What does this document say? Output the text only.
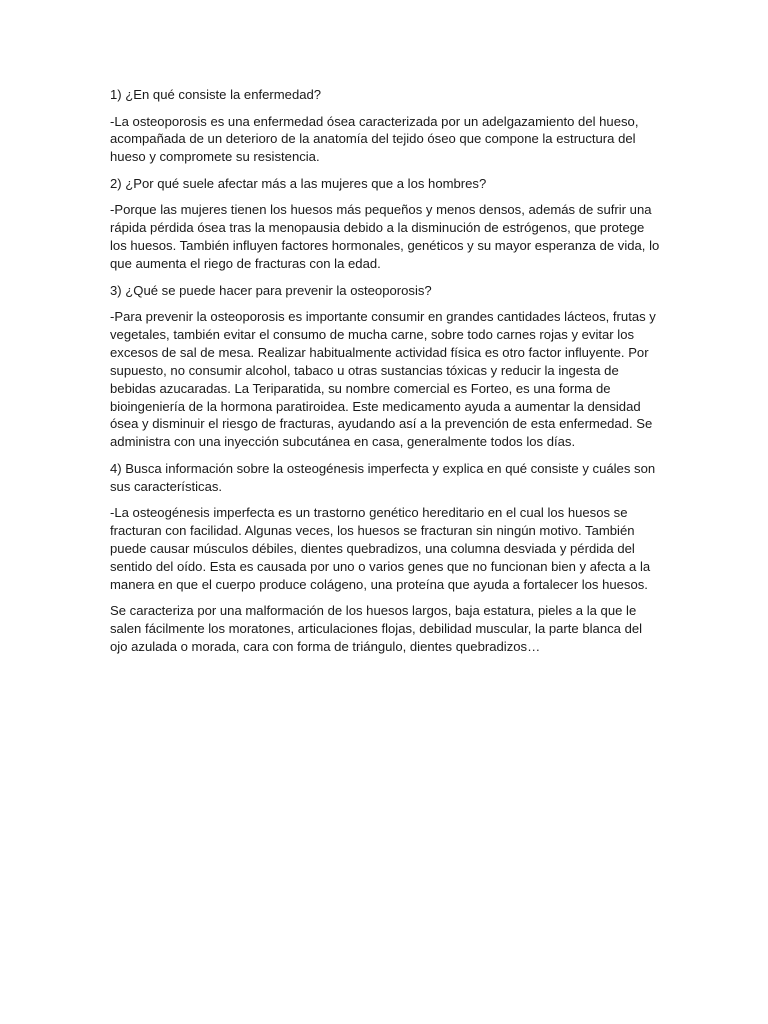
1) ¿En qué consiste la enfermedad?

-La osteoporosis es una enfermedad ósea caracterizada por un adelgazamiento del hueso, acompañada de un deterioro de la anatomía del tejido óseo que compone la estructura del hueso y compromete su resistencia.

2) ¿Por qué suele afectar más a las mujeres que a los hombres?

-Porque las mujeres tienen los huesos más pequeños y menos densos, además de sufrir una rápida pérdida ósea tras la menopausia debido a la disminución de estrógenos, que protege los huesos. También influyen factores hormonales, genéticos y su mayor esperanza de vida, lo que aumenta el riego de fracturas con la edad.

3) ¿Qué se puede hacer para prevenir la osteoporosis?

-Para prevenir la osteoporosis es importante consumir en grandes cantidades lácteos, frutas y vegetales, también evitar el consumo de mucha carne, sobre todo carnes rojas y evitar los excesos de sal de mesa. Realizar habitualmente actividad física es otro factor influyente. Por supuesto, no consumir alcohol, tabaco u otras sustancias tóxicas y reducir la ingesta de bebidas azucaradas. La Teriparatida, su nombre comercial es Forteo, es una forma de bioingeniería de la hormona paratiroidea. Este medicamento ayuda a aumentar la densidad ósea y disminuir el riesgo de fracturas, ayudando así a la prevención de esta enfermedad. Se administra con una inyección subcutánea en casa, generalmente todos los días.

4) Busca información sobre la osteogénesis imperfecta y explica en qué consiste y cuáles son sus características.

-La osteogénesis imperfecta es un trastorno genético hereditario en el cual los huesos se fracturan con facilidad. Algunas veces, los huesos se fracturan sin ningún motivo. También puede causar músculos débiles, dientes quebradizos, una columna desviada y pérdida del sentido del oído. Esta es causada por uno o varios genes que no funcionan bien y afecta a la manera en que el cuerpo produce colágeno, una proteína que ayuda a fortalecer los huesos.

Se caracteriza por una malformación de los huesos largos, baja estatura, pieles a la que le salen fácilmente los moratones, articulaciones flojas, debilidad muscular, la parte blanca del ojo azulada o morada, cara con forma de triángulo, dientes quebradizos…
